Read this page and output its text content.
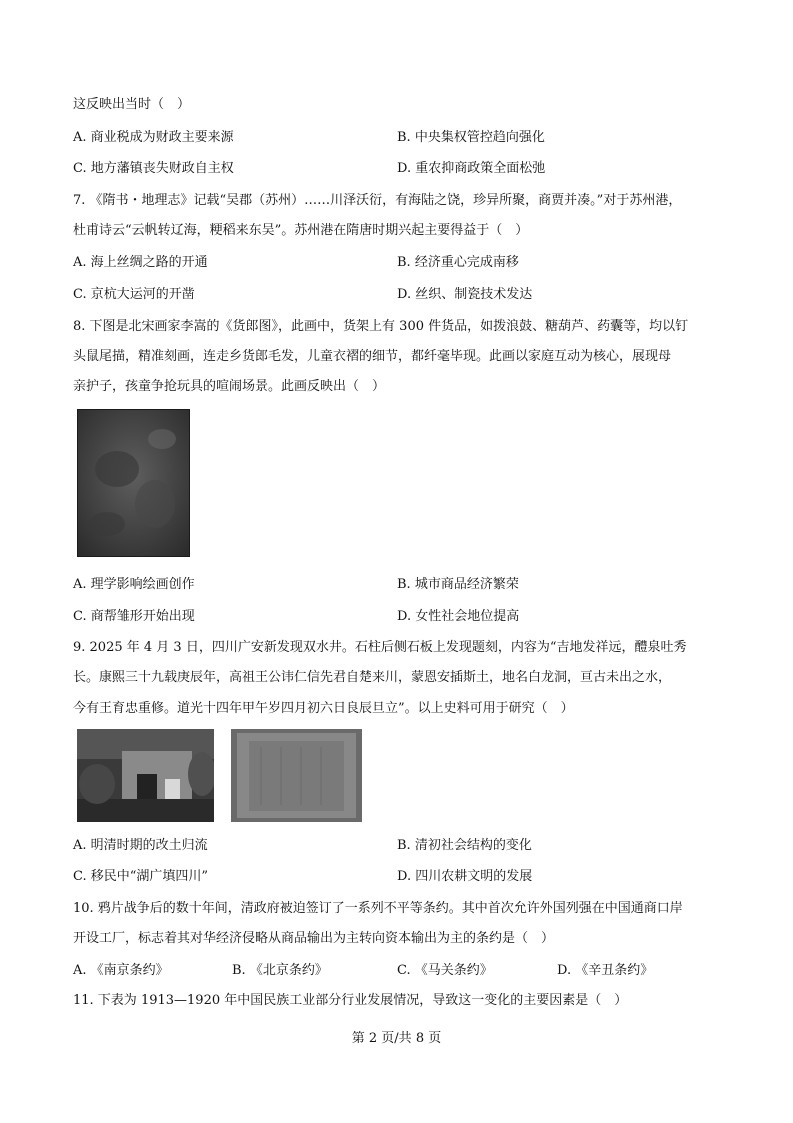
这反映出当时（　）
A. 商业税成为财政主要来源	B. 中央集权管控趋向强化
C. 地方藩镇丧失财政自主权	D. 重农抑商政策全面松弛
7. 《隋书・地理志》记载“吴郡（苏州）……川泽沃衍，有海陆之饶，珍异所聚，商贾并凑。”对于苏州港，
杜甫诗云“云帆转辽海，粳稻来东吴”。苏州港在隋唐时期兴起主要得益于（　）
A. 海上丝绸之路的开通	B. 经济重心完成南移
C. 京杭大运河的开凿	D. 丝织、制瓷技术发达
8. 下图是北宋画家李嵩的《货郎图》，此画中，货架上有 300 件货品，如拨浪鼓、糖葫芦、药囊等，均以钉
头鼠尾描，精准刻画，连走乡货郎毛发，儿童衣褶的细节，都纤毫毕现。此画以家庭互动为核心，展现母
亲护子，孩童争抢玩具的喧闹场景。此画反映出（　）
A. 理学影响绘画创作	B. 城市商品经济繁荣
C. 商帮雏形开始出现	D. 女性社会地位提高
9. 2025 年 4 月 3 日，四川广安新发现双水井。石柱后侧石板上发现题刻，内容为“吉地发祥远，醴泉吐秀
长。康熙三十九载庚辰年，高祖王公讳仁信先君自楚来川，蒙恩安插斯土，地名白龙洞，亘古未出之水，
今有王育忠重修。道光十四年甲午岁四月初六日良辰旦立”。以上史料可用于研究（　）
A. 明清时期的改土归流	B. 清初社会结构的变化
C. 移民中“湖广填四川”	D. 四川农耕文明的发展
10. 鸦片战争后的数十年间，清政府被迫签订了一系列不平等条约。其中首次允许外国列强在中国通商口岸
开设工厂，标志着其对华经济侵略从商品输出为主转向资本输出为主的条约是（　）
A. 《南京条约》	B. 《北京条约》	C. 《马关条约》	D. 《辛丑条约》
11. 下表为 1913—1920 年中国民族工业部分行业发展情况，导致这一变化的主要因素是（　）
第 2 页/共 8 页
